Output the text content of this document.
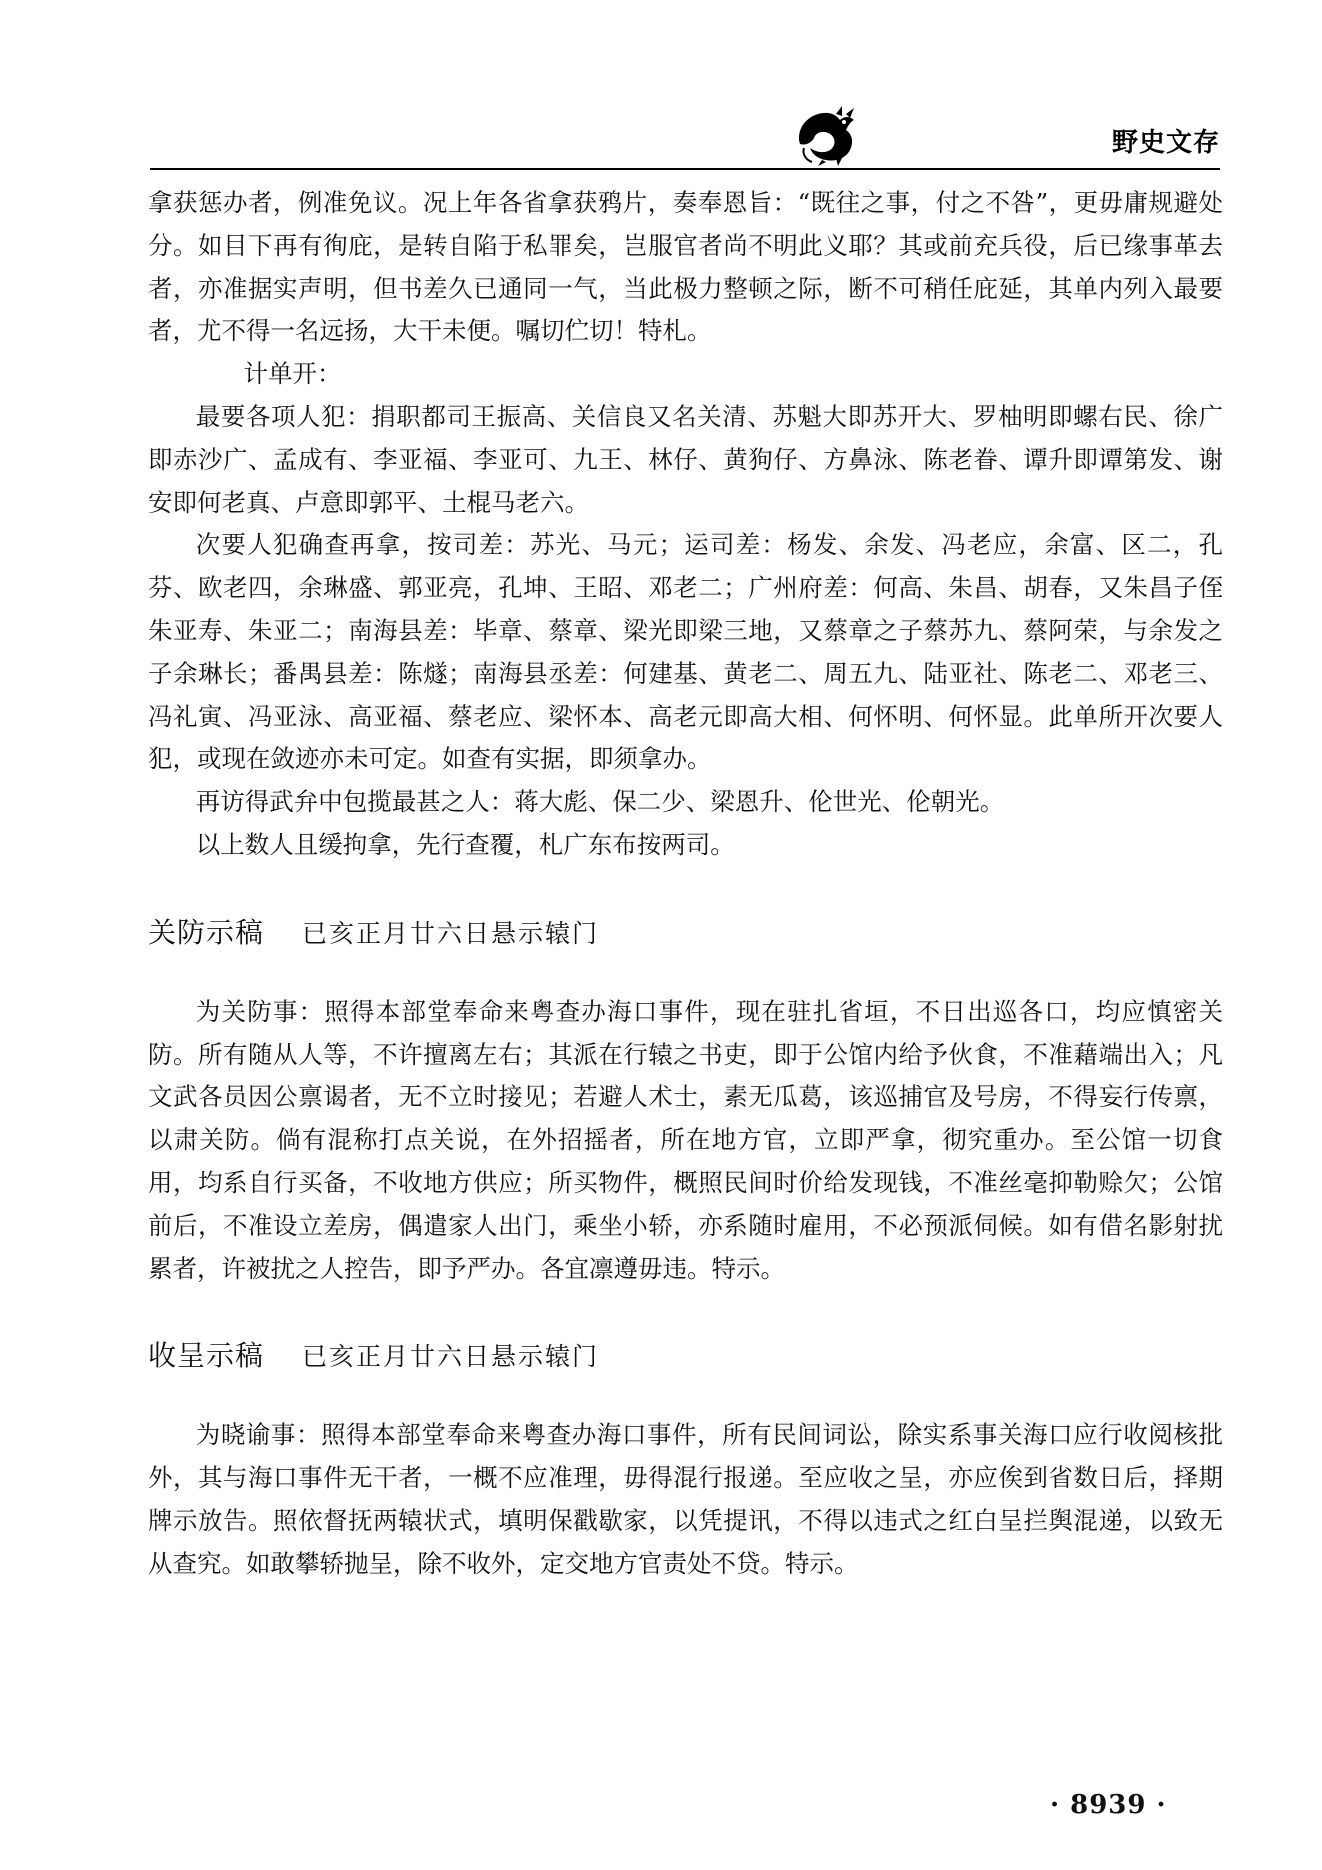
野史文存

拿获惩办者，例准免议。况上年各省拿获鸦片，奏奉恩旨：“既往之事，付之不咎”，更毋庸规避处分。如目下再有徇庇，是转自陷于私罪矣，岂服官者尚不明此义耶？其或前充兵役，后已缘事革去者，亦准据实声明，但书差久已通同一气，当此极力整顿之际，断不可稍任庇延，其单内列入最要者，尤不得一名远扬，大干未便。嘱切伫切！特札。

计单开：

最要各项人犯：捐职都司王振高、关信良又名关清、苏魁大即苏开大、罗柚明即螺右民、徐广即赤沙广、孟成有、李亚福、李亚可、九王、林仔、黄狗仔、方鼻泳、陈老眷、谭升即谭第发、谢安即何老真、卢意即郭平、土棍马老六。

次要人犯确查再拿，按司差：苏光、马元；运司差：杨发、余发、冯老应，余富、区二，孔芬、欧老四，余琳盛、郭亚亮，孔坤、王昭、邓老二；广州府差：何高、朱昌、胡春，又朱昌子侄朱亚寿、朱亚二；南海县差：毕章、蔡章、梁光即梁三地，又蔡章之子蔡苏九、蔡阿荣，与余发之子余琳长；番禺县差：陈燧；南海县丞差：何建基、黄老二、周五九、陆亚社、陈老二、邓老三、冯礼寅、冯亚泳、高亚福、蔡老应、梁怀本、高老元即高大相、何怀明、何怀显。此单所开次要人犯，或现在敛迹亦未可定。如查有实据，即须拿办。

再访得武弁中包揽最甚之人：蒋大彪、保二少、梁恩升、伦世光、伦朝光。

以上数人且缓拘拿，先行查覆，札广东布按两司。

关防示稿 已亥正月廿六日悬示辕门

为关防事：照得本部堂奉命来粤查办海口事件，现在驻扎省垣，不日出巡各口，均应慎密关防。所有随从人等，不许擅离左右；其派在行辕之书吏，即于公馆内给予伙食，不准藉端出入；凡文武各员因公禀谒者，无不立时接见；若避人术士，素无瓜葛，该巡捕官及号房，不得妄行传禀，以肃关防。倘有混称打点关说，在外招摇者，所在地方官，立即严拿，彻究重办。至公馆一切食用，均系自行买备，不收地方供应；所买物件，概照民间时价给发现钱，不准丝毫抑勒赊欠；公馆前后，不准设立差房，偶遣家人出门，乘坐小轿，亦系随时雇用，不必预派伺候。如有借名影射扰累者，许被扰之人控告，即予严办。各宜凛遵毋违。特示。

收呈示稿 已亥正月廿六日悬示辕门

为晓谕事：照得本部堂奉命来粤查办海口事件，所有民间词讼，除实系事关海口应行收阅核批外，其与海口事件无干者，一概不应准理，毋得混行报递。至应收之呈，亦应俟到省数日后，择期牌示放告。照依督抚两辕状式，填明保戳歇家，以凭提讯，不得以违式之红白呈拦舆混递，以致无从查究。如敢攀轿抛呈，除不收外，定交地方官责处不贷。特示。

· 8939 ·
